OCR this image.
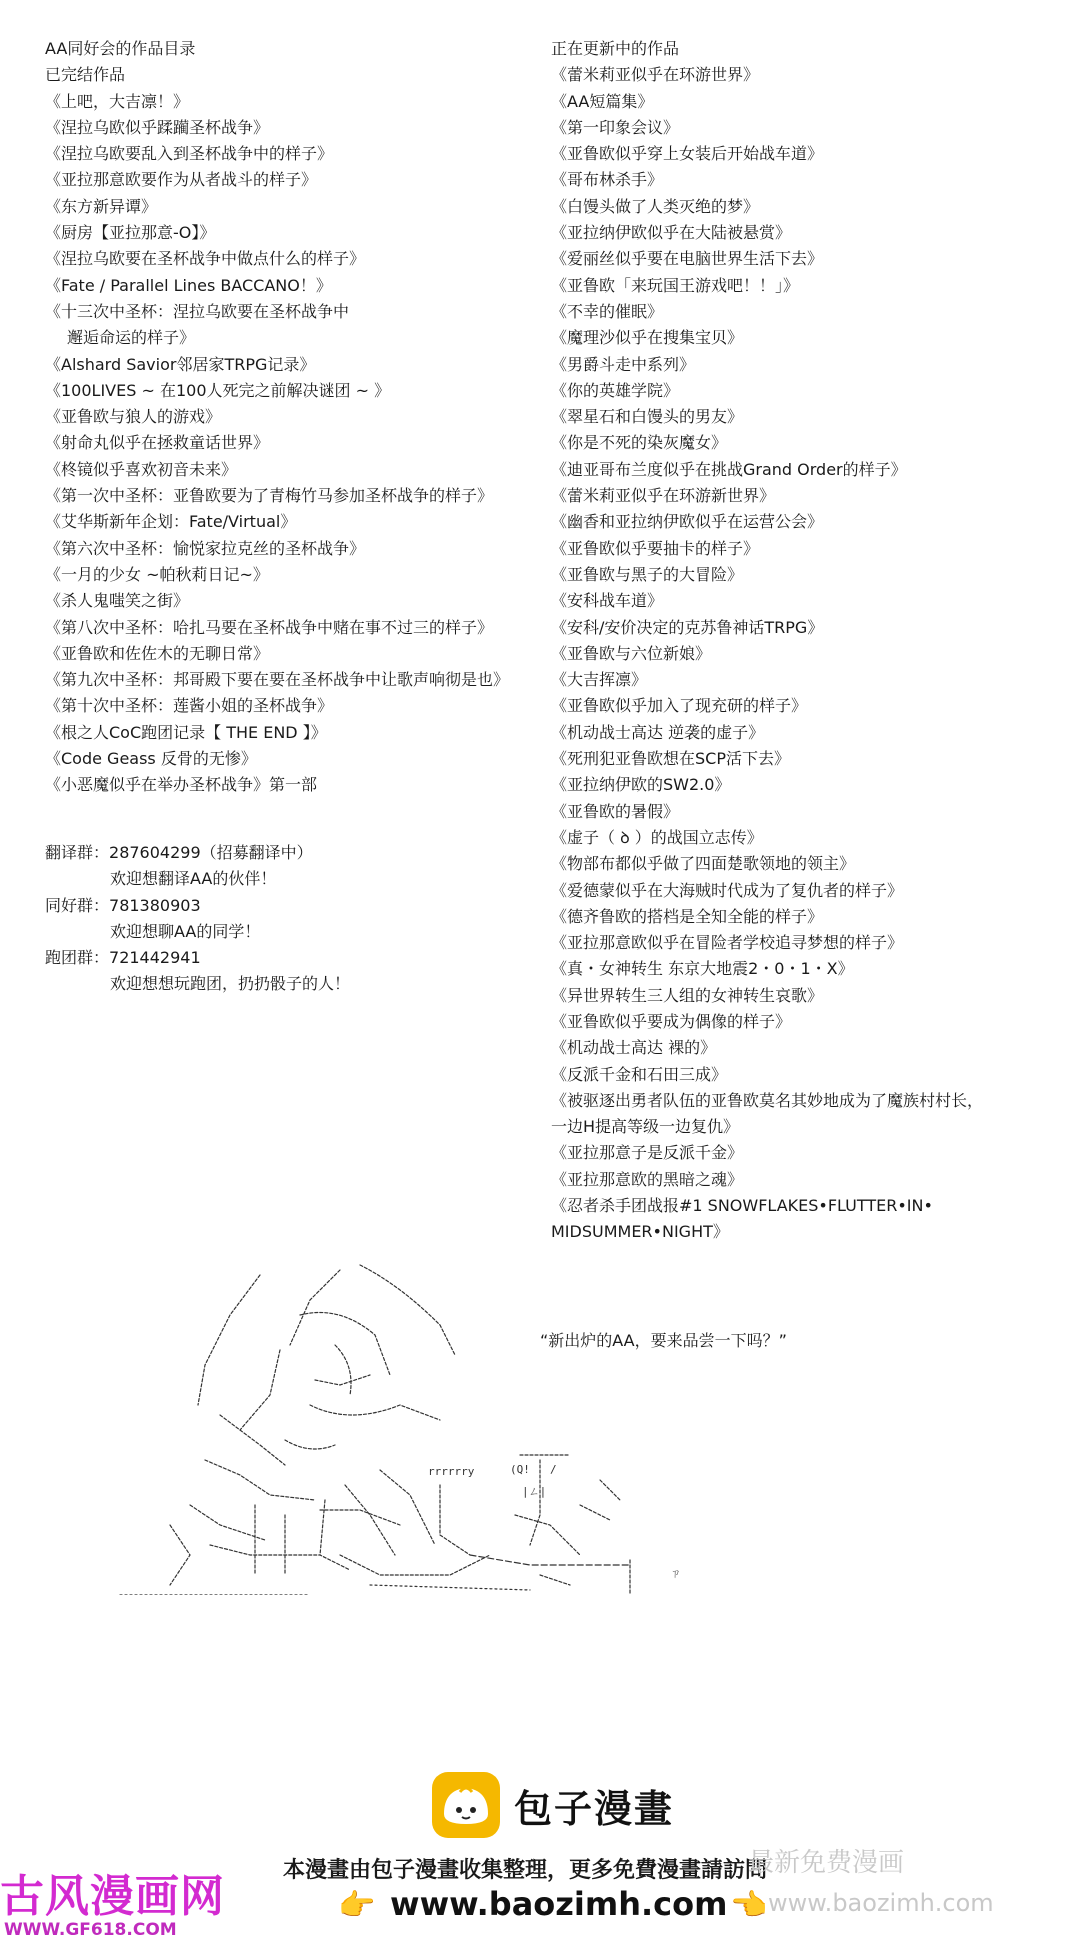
AA同好会的作品目录
已完结作品
《上吧，大吉凛！》
《涅拉乌欧似乎蹂躏圣杯战争》
《涅拉乌欧要乱入到圣杯战争中的样子》
《亚拉那意欧要作为从者战斗的样子》
《东方新异谭》
《厨房【亚拉那意-O】》
《涅拉乌欧要在圣杯战争中做点什么的样子》
《Fate / Parallel Lines BACCANO！》
《十三次中圣杯：涅拉乌欧要在圣杯战争中
邂逅命运的样子》
《Alshard Savior邻居家TRPG记录》
《100LIVES ~ 在100人死完之前解决谜团 ~ 》
《亚鲁欧与狼人的游戏》
《射命丸似乎在拯救童话世界》
《柊镜似乎喜欢初音未来》
《第一次中圣杯：亚鲁欧要为了青梅竹马参加圣杯战争的样子》
《艾华斯新年企划：Fate/Virtual》
《第六次中圣杯：愉悦家拉克丝的圣杯战争》
《一月的少女 ~帕秋莉日记~》
《杀人鬼嗤笑之街》
《第八次中圣杯：哈扎马要在圣杯战争中赌在事不过三的样子》
《亚鲁欧和佐佐木的无聊日常》
《第九次中圣杯：邦哥殿下要在要在圣杯战争中让歌声响彻是也》
《第十次中圣杯：莲酱小姐的圣杯战争》
《根之人CoC跑团记录【 THE END 】》
《Code Geass 反骨的无惨》
《小恶魔似乎在举办圣杯战争》第一部
翻译群：287604299（招募翻译中）
欢迎想翻译AA的伙伴！
同好群：781380903
欢迎想聊AA的同学！
跑团群：721442941
欢迎想想玩跑团，扔扔骰子的人！
正在更新中的作品
《蕾米莉亚似乎在环游世界》
《AA短篇集》
《第一印象会议》
《亚鲁欧似乎穿上女装后开始战车道》
《哥布林杀手》
《白馒头做了人类灭绝的梦》
《亚拉纳伊欧似乎在大陆被悬赏》
《爱丽丝似乎要在电脑世界生活下去》
《亚鲁欧「来玩国王游戏吧！！」》
《不幸的催眠》
《魔理沙似乎在搜集宝贝》
《男爵斗走中系列》
《你的英雄学院》
《翠星石和白馒头的男友》
《你是不死的染灰魔女》
《迪亚哥布兰度似乎在挑战Grand Order的样子》
《蕾米莉亚似乎在环游新世界》
《幽香和亚拉纳伊欧似乎在运营公会》
《亚鲁欧似乎要抽卡的样子》
《亚鲁欧与黑子的大冒险》
《安科战车道》
《安科/安价决定的克苏鲁神话TRPG》
《亚鲁欧与六位新娘》
《大吉挥凛》
《亚鲁欧似乎加入了现充研的样子》
《机动战士高达 逆袭的虚子》
《死刑犯亚鲁欧想在SCP活下去》
《亚拉纳伊欧的SW2.0》
《亚鲁欧的暑假》
《虚子（ ꝺ ）的战国立志传》
《物部布都似乎做了四面楚歌领地的领主》
《爱德蒙似乎在大海贼时代成为了复仇者的样子》
《德齐鲁欧的搭档是全知全能的样子》
《亚拉那意欧似乎在冒险者学校追寻梦想的样子》
《真・女神转生 东京大地震2・0・1・X》
《异世界转生三人组的女神转生哀歌》
《亚鲁欧似乎要成为偶像的样子》
《机动战士高达 裸的》
《反派千金和石田三成》
《被驱逐出勇者队伍的亚鲁欧莫名其妙地成为了魔族村村长，
一边H提高等级一边复仇》
《亚拉那意子是反派千金》
《亚拉那意欧的黑暗之魂》
《忍者杀手团战报#1 SNOWFLAKES•FLUTTER•IN•
MIDSUMMER•NIGHT》
“新出炉的AA，要来品尝一下吗？”
rrrrrry	(Q! /
|ㄥ|
ㄗ
包子漫畫
本漫畫由包子漫畫收集整理，更多免費漫畫請訪問
👉 www.baozimh.com 👈
古风漫画网
WWW.GF618.COM
最新免费漫画
www.baozimh.com
